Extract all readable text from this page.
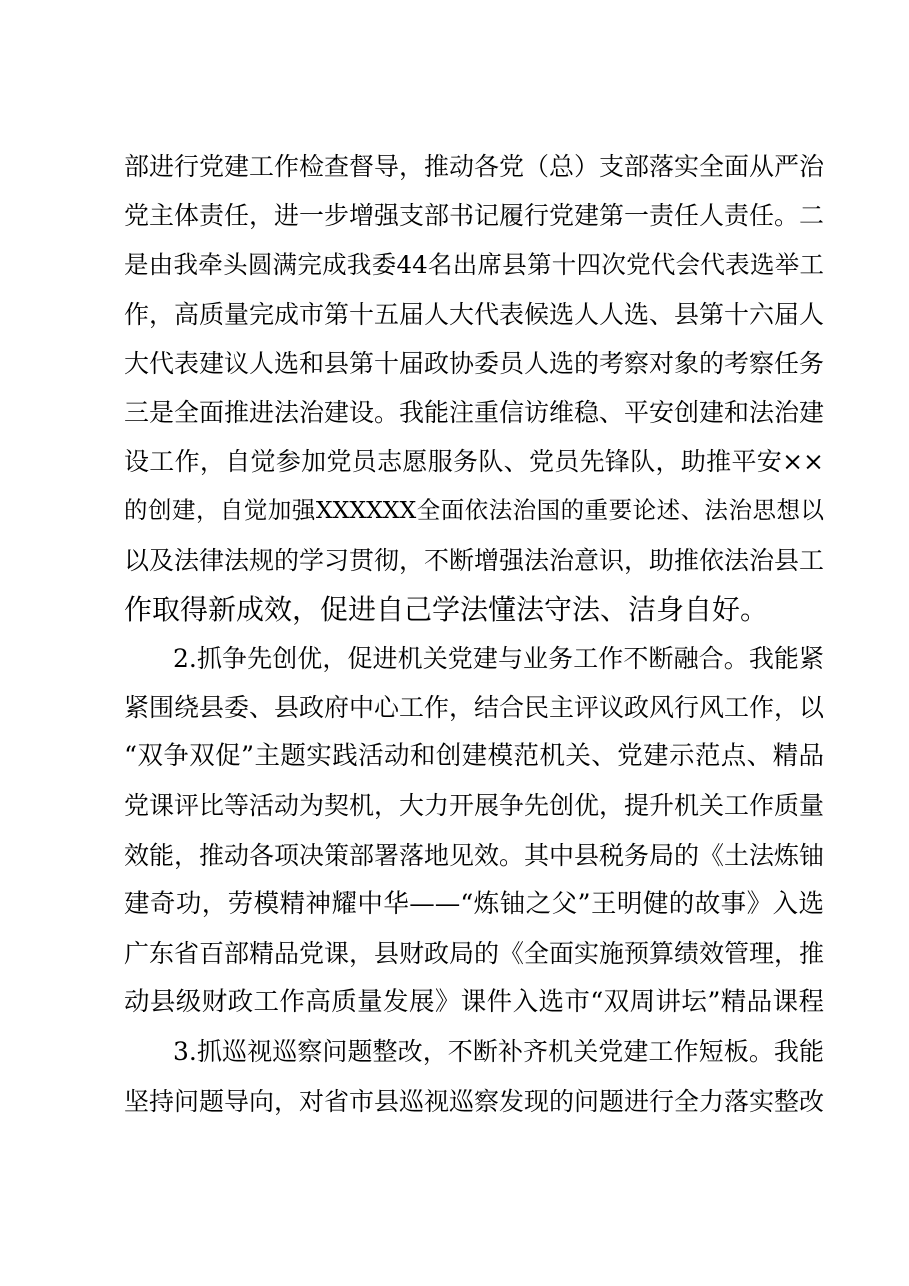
部进行党建工作检查督导，推动各党（总）支部落实全面从严治
党主体责任，进一步增强支部书记履行党建第一责任人责任。二
是由我牵头圆满完成我委44名出席县第十四次党代会代表选举工
作，高质量完成市第十五届人大代表候选人人选、县第十六届人
大代表建议人选和县第十届政协委员人选的考察对象的考察任务
三是全面推进法治建设。我能注重信访维稳、平安创建和法治建
设工作，自觉参加党员志愿服务队、党员先锋队，助推平安××
的创建，自觉加强XXXXXX全面依法治国的重要论述、法治思想以
以及法律法规的学习贯彻，不断增强法治意识，助推依法治县工
作取得新成效，促进自己学法懂法守法、洁身自好。
2.抓争先创优，促进机关党建与业务工作不断融合。我能紧
紧围绕县委、县政府中心工作，结合民主评议政风行风工作，以
“双争双促”主题实践活动和创建模范机关、党建示范点、精品
党课评比等活动为契机，大力开展争先创优，提升机关工作质量
效能，推动各项决策部署落地见效。其中县税务局的《土法炼铀
建奇功，劳模精神耀中华——“炼铀之父”王明健的故事》入选
广东省百部精品党课，县财政局的《全面实施预算绩效管理，推
动县级财政工作高质量发展》课件入选市“双周讲坛”精品课程
3.抓巡视巡察问题整改，不断补齐机关党建工作短板。我能
坚持问题导向，对省市县巡视巡察发现的问题进行全力落实整改
